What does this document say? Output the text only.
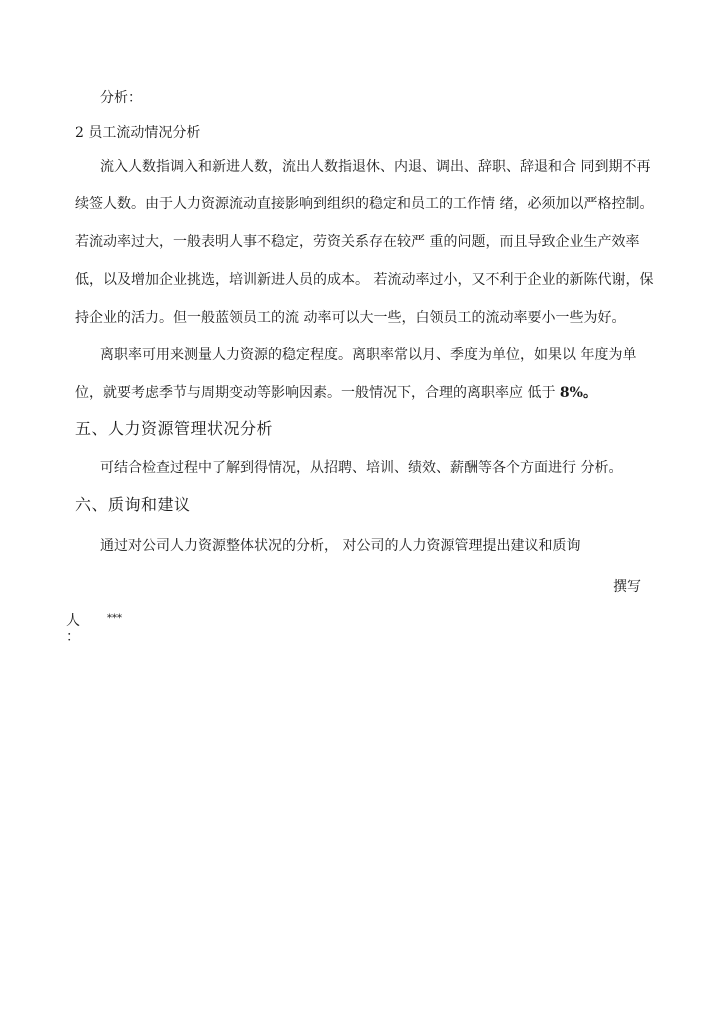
分析：
2 员工流动情况分析
流入人数指调入和新进人数，流出人数指退休、内退、调出、辞职、辞退和合 同到期不再
续签人数。由于人力资源流动直接影响到组织的稳定和员工的工作情 绪，必须加以严格控制。
若流动率过大，一般表明人事不稳定，劳资关系存在较严 重的问题，而且导致企业生产效率
低，以及增加企业挑选，培训新进人员的成本。 若流动率过小，又不利于企业的新陈代谢，保
持企业的活力。但一般蓝领员工的流 动率可以大一些，白领员工的流动率要小一些为好。
离职率可用来测量人力资源的稳定程度。离职率常以月、季度为单位，如果以 年度为单
位，就要考虑季节与周期变动等影响因素。一般情况下，合理的离职率应 低于 8%。
五、人力资源管理状况分析
可结合检查过程中了解到得情况，从招聘、培训、绩效、薪酬等各个方面进行 分析。
六、质询和建议
通过对公司人力资源整体状况的分析， 对公司的人力资源管理提出建议和质询
撰写
人	***
：
